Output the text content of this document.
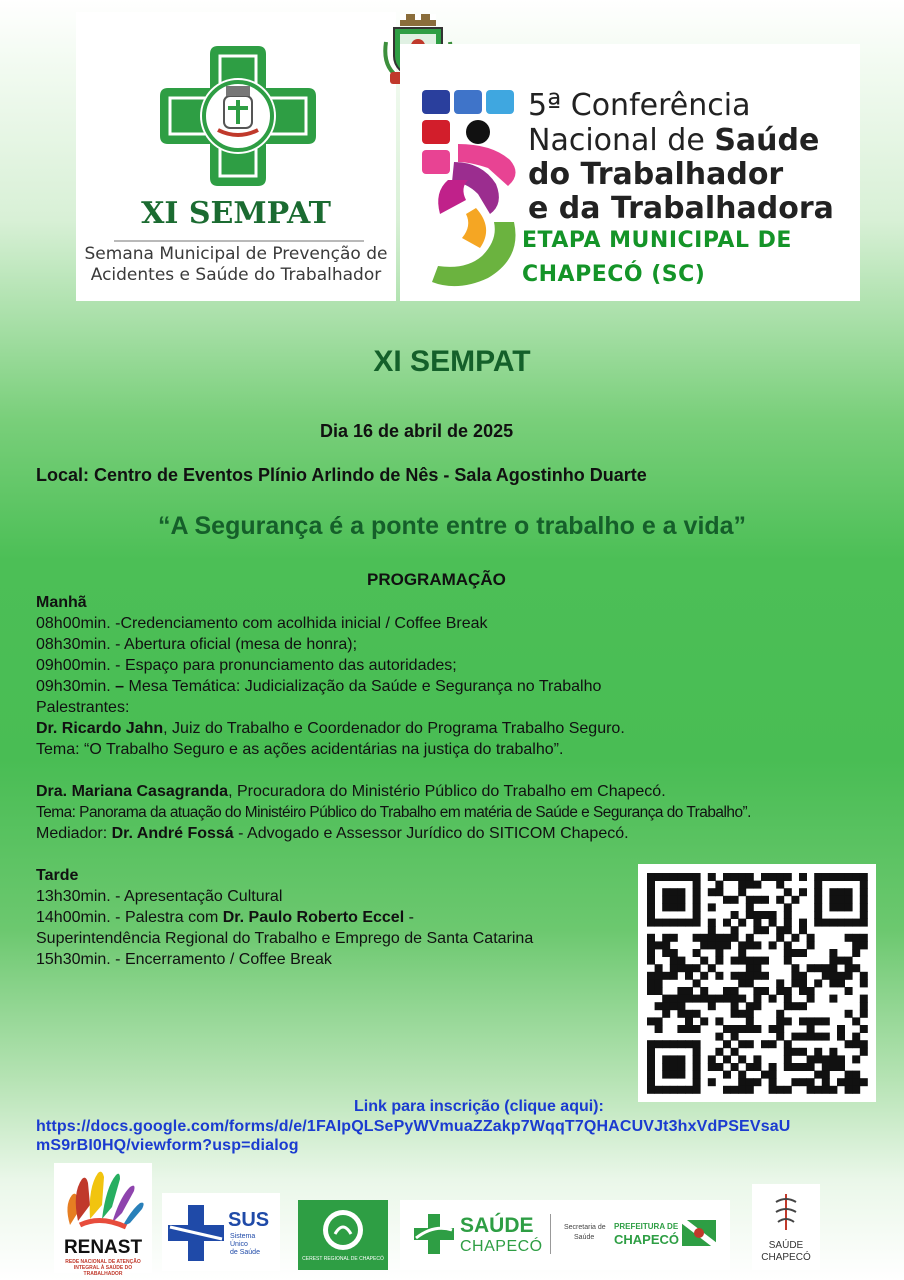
XI SEMPAT
Semana Municipal de Prevenção de
Acidentes e Saúde do Trabalhador
5ª Conferência
Nacional de Saúde
do Trabalhador
e da Trabalhadora
ETAPA MUNICIPAL DE
CHAPECÓ (SC)
XI SEMPAT
Dia 16 de abril de 2025
Local: Centro de Eventos Plínio Arlindo de Nês - Sala Agostinho Duarte
“A Segurança é a ponte entre o trabalho e a vida”
PROGRAMAÇÃO
Manhã
08h00min. -Credenciamento com acolhida inicial / Coffee Break
08h30min. - Abertura oficial (mesa de honra);
09h00min. - Espaço para pronunciamento das autoridades;
09h30min. – Mesa Temática: Judicialização da Saúde e Segurança no Trabalho
Palestrantes:
Dr. Ricardo Jahn, Juiz do Trabalho e Coordenador do Programa Trabalho Seguro.
Tema: “O Trabalho Seguro e as ações acidentárias na justiça do trabalho”.
Dra. Mariana Casagranda, Procuradora do Ministério Público do Trabalho em Chapecó.
Tema: Panorama da atuação do Ministéiro Público do Trabalho em matéria de Saúde e Segurança do Trabalho”.
Mediador: Dr. André Fossá - Advogado e Assessor Jurídico do SITICOM Chapecó.
Tarde
13h30min. - Apresentação Cultural
14h00min. - Palestra com Dr. Paulo Roberto Eccel -
Superintendência Regional do Trabalho e Emprego de Santa Catarina
15h30min. - Encerramento / Coffee Break
Link para inscrição (clique aqui):
https://docs.google.com/forms/d/e/1FAIpQLSePyWVmuaZZakp7WqqT7QHACUVJt3hxVdPSEVsaU
mS9rBI0HQ/viewform?usp=dialog
RENAST
REDE NACIONAL DE ATENÇÃO
INTEGRAL À SAÚDE DO TRABALHADOR
SUS
Sistema
Único
de Saúde
CEREST REGIONAL DE CHAPECÓ
SAÚDE
CHAPECÓ
Secretaria de
Saúde
PREFEITURA DE
CHAPECÓ	SAÚDE
CHAPECÓ
